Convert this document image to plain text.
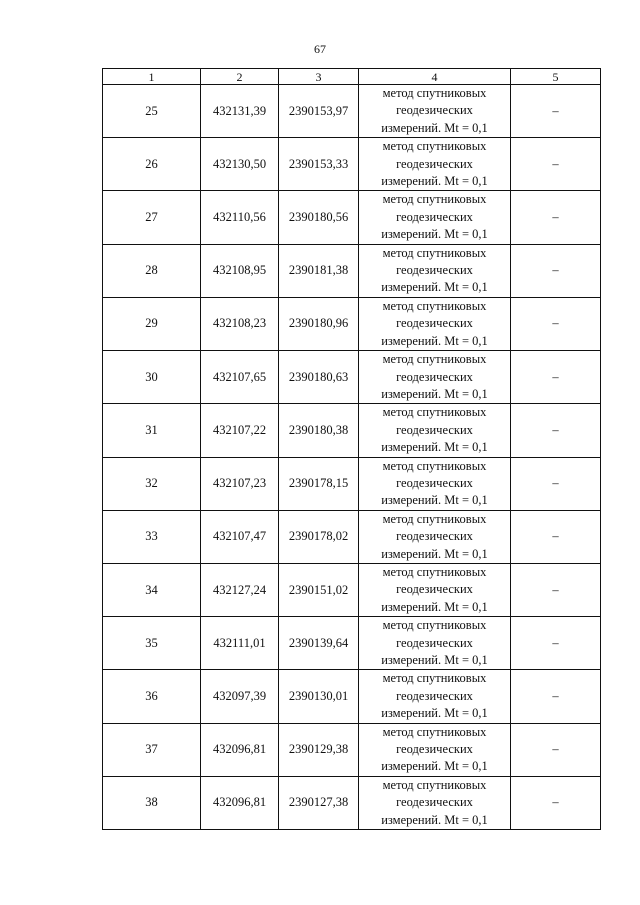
67
1	2	3	4	5
25	432131,39	2390153,97	метод спутниковых
геодезических
измерений. Mt = 0,1	–
26	432130,50	2390153,33	метод спутниковых
геодезических
измерений. Mt = 0,1	–
27	432110,56	2390180,56	метод спутниковых
геодезических
измерений. Mt = 0,1	–
28	432108,95	2390181,38	метод спутниковых
геодезических
измерений. Mt = 0,1	–
29	432108,23	2390180,96	метод спутниковых
геодезических
измерений. Mt = 0,1	–
30	432107,65	2390180,63	метод спутниковых
геодезических
измерений. Mt = 0,1	–
31	432107,22	2390180,38	метод спутниковых
геодезических
измерений. Mt = 0,1	–
32	432107,23	2390178,15	метод спутниковых
геодезических
измерений. Mt = 0,1	–
33	432107,47	2390178,02	метод спутниковых
геодезических
измерений. Mt = 0,1	–
34	432127,24	2390151,02	метод спутниковых
геодезических
измерений. Mt = 0,1	–
35	432111,01	2390139,64	метод спутниковых
геодезических
измерений. Mt = 0,1	–
36	432097,39	2390130,01	метод спутниковых
геодезических
измерений. Mt = 0,1	–
37	432096,81	2390129,38	метод спутниковых
геодезических
измерений. Mt = 0,1	–
38	432096,81	2390127,38	метод спутниковых
геодезических
измерений. Mt = 0,1	–
